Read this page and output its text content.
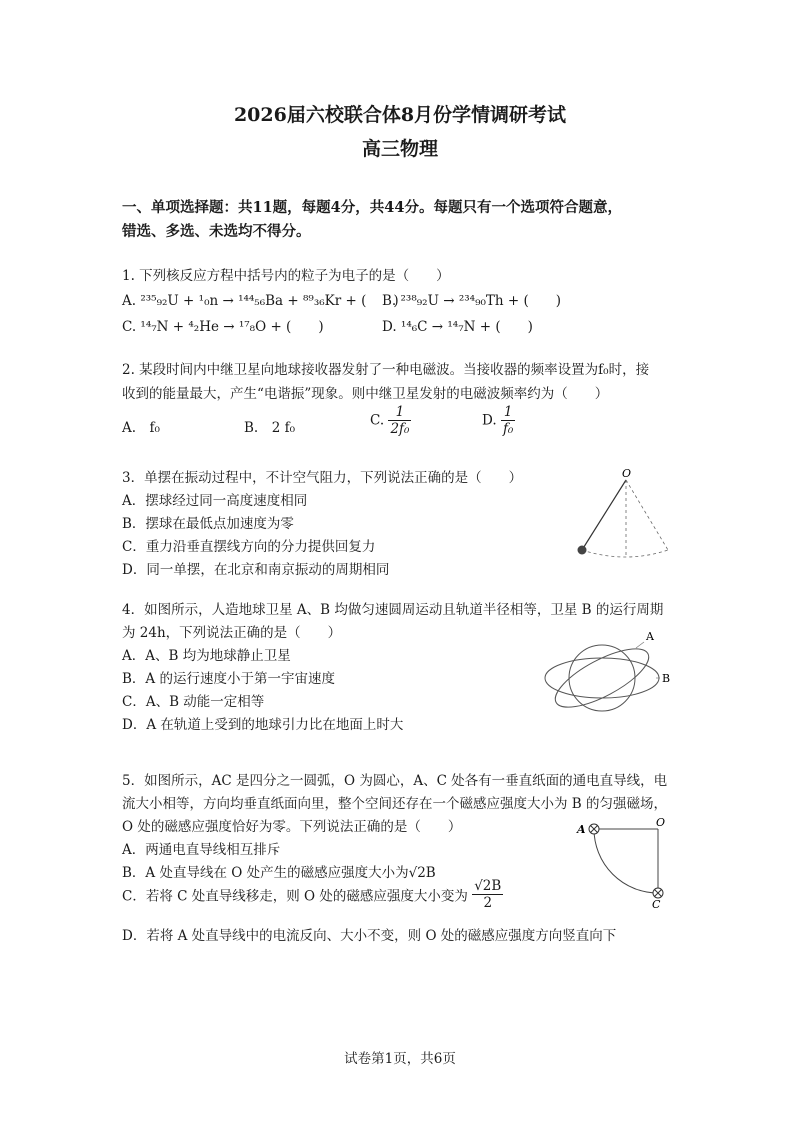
2026届六校联合体8月份学情调研考试
高三物理
一、单项选择题：共11题，每题4分，共44分。每题只有一个选项符合题意，
错选、多选、未选均不得分。
1. 下列核反应方程中括号内的粒子为电子的是（　　）
A. ²³⁵₉₂U + ¹₀n → ¹⁴⁴₅₆Ba + ⁸⁹₃₆Kr + (　　)
B. ²³⁸₉₂U → ²³⁴₉₀Th + (　　)
C. ¹⁴₇N + ⁴₂He → ¹⁷₈O + (　　)	D. ¹⁴₆C → ¹⁴₇N + (　　)
2. 某段时间内中继卫星向地球接收器发射了一种电磁波。当接收器的频率设置为f₀时，接
收到的能量最大，产生“电谐振”现象。则中继卫星发射的电磁波频率约为（　　）
A.　f₀	B.　2 f₀	C. $\frac{1}{\text{2f₀}}$	D. $\frac{1}{\text{f₀}}$
3．单摆在振动过程中，不计空气阻力，下列说法正确的是（　　）
A．摆球经过同一高度速度相同
B．摆球在最低点加速度为零
C．重力沿垂直摆线方向的分力提供回复力
D．同一单摆，在北京和南京振动的周期相同
O
4．如图所示，人造地球卫星 A、B 均做匀速圆周运动且轨道半径相等，卫星 B 的运行周期
为 24h，下列说法正确的是（　　）
A．A、B 均为地球静止卫星
B．A 的运行速度小于第一宇宙速度
C．A、B 动能一定相等
D．A 在轨道上受到的地球引力比在地面上时大
A
B
5．如图所示，AC 是四分之一圆弧，O 为圆心，A、C 处各有一垂直纸面的通电直导线，电
流大小相等，方向均垂直纸面向里，整个空间还存在一个磁感应强度大小为 B 的匀强磁场，
O 处的磁感应强度恰好为零。下列说法正确的是（　　）
A．两通电直导线相互排斥
B．A 处直导线在 O 处产生的磁感应强度大小为√2B
C．若将 C 处直导线移走，则 O 处的磁感应强度大小变为 $\frac{√2B}{2}$
D．若将 A 处直导线中的电流反向、大小不变，则 O 处的磁感应强度方向竖直向下
A
O
C
试卷第1页，共6页
